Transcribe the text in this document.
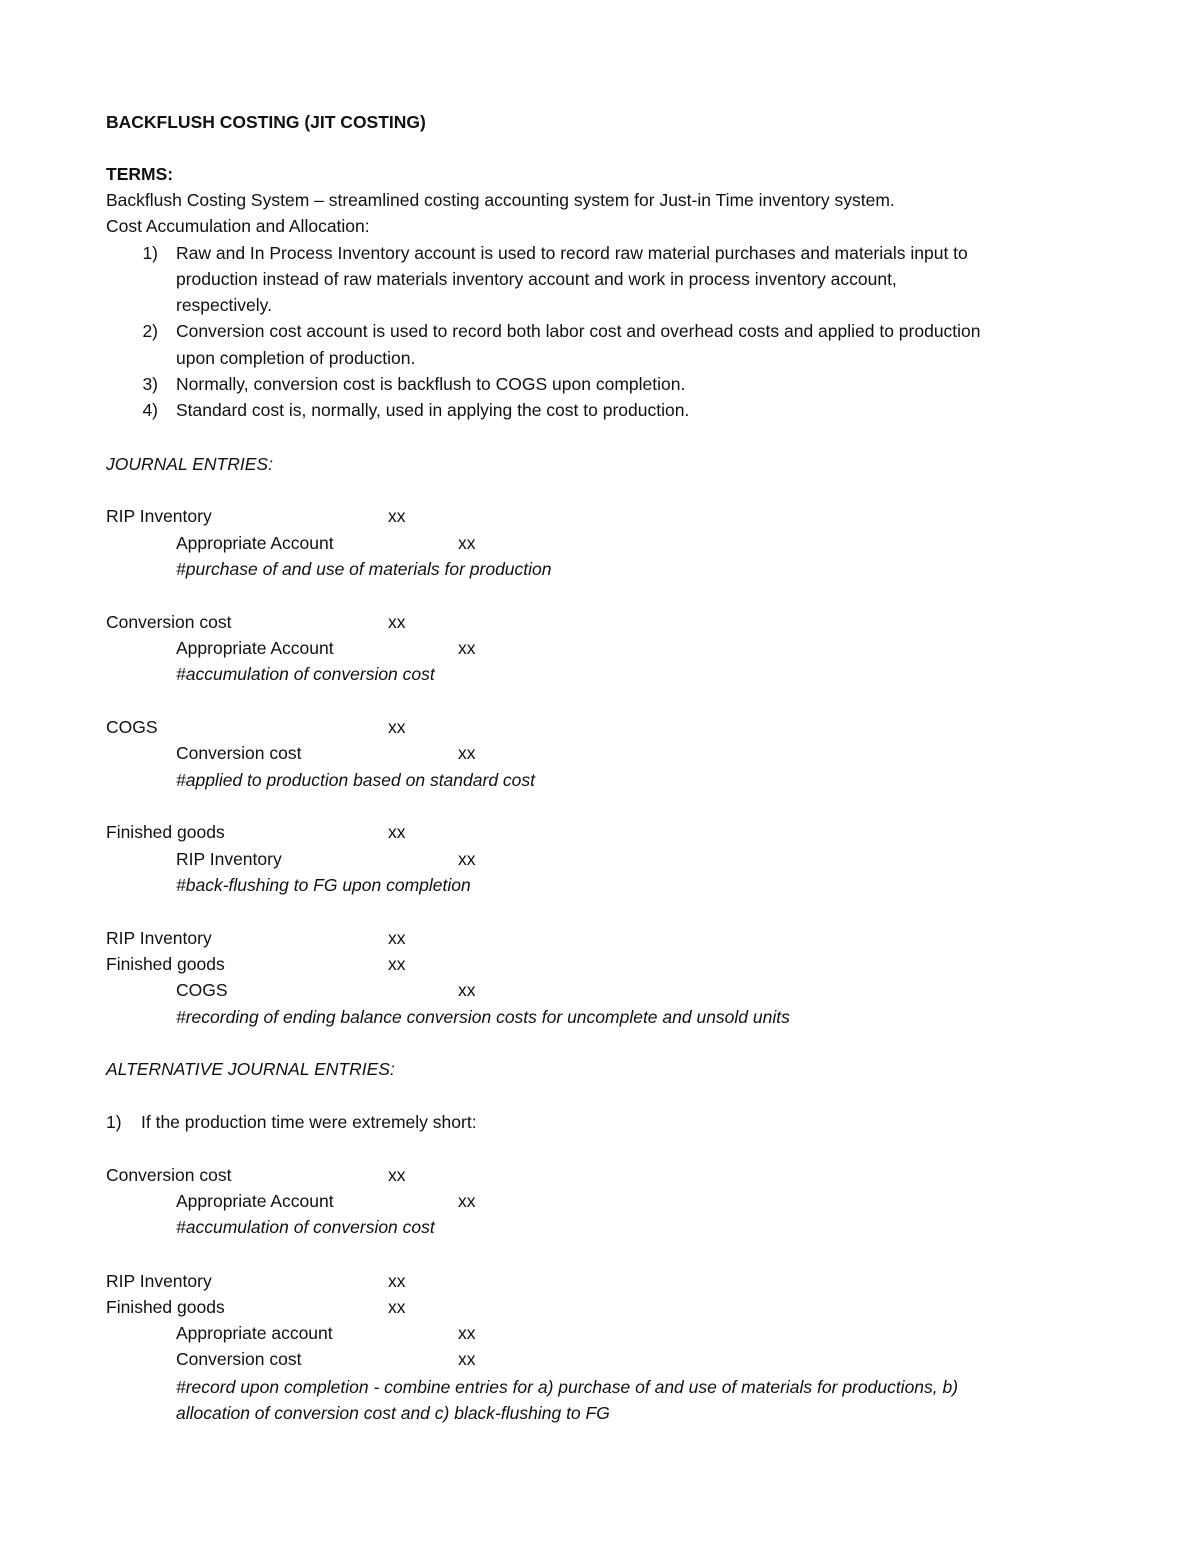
BACKFLUSH COSTING (JIT COSTING)
TERMS:
Backflush Costing System – streamlined costing accounting system for Just-in Time inventory system.
Cost Accumulation and Allocation:
1) Raw and In Process Inventory account is used to record raw material purchases and materials input to
production instead of raw materials inventory account and work in process inventory account,
respectively.
2) Conversion cost account is used to record both labor cost and overhead costs and applied to production
upon completion of production.
3) Normally, conversion cost is backflush to COGS upon completion.
4) Standard cost is, normally, used in applying the cost to production.
JOURNAL ENTRIES:
RIP Inventory	xx
Appropriate Account	xx
#purchase of and use of materials for production
Conversion cost	xx
Appropriate Account	xx
#accumulation of conversion cost
COGS	xx
Conversion cost	xx
#applied to production based on standard cost
Finished goods	xx
RIP Inventory	xx
#back-flushing to FG upon completion
RIP Inventory	xx
Finished goods	xx
COGS	xx
#recording of ending balance conversion costs for uncomplete and unsold units
ALTERNATIVE JOURNAL ENTRIES:
1) If the production time were extremely short:
Conversion cost	xx
Appropriate Account	xx
#accumulation of conversion cost
RIP Inventory	xx
Finished goods	xx
Appropriate account	xx
Conversion cost	xx
#record upon completion - combine entries for a) purchase of and use of materials for productions, b)
allocation of conversion cost and c) black-flushing to FG
